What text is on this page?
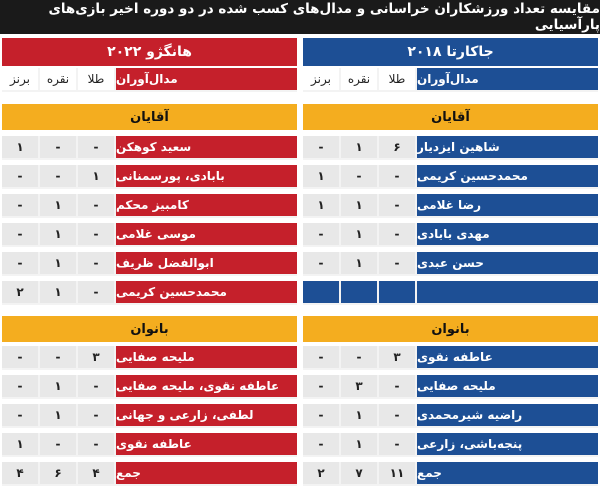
مقایسه تعداد ورزشکاران خراسانی و مدال‌های کسب شده در دو دوره اخیر بازی‌های پارآسیایی
هانگژو ۲۰۲۲
برنز	نقره	طلا مدال‌آوران
آقایان
۱	-	-	سعید کوهکن
-	-	۱	بابادی، پورسمنانی
-	۱	-	کامبیز محکم
-	۱	-	موسی غلامی
-	۱	-	ابوالفضل ظریف
۲	۱	-	محمدحسین کریمی
بانوان
-	-	۳	ملیحه صفایی
-	۱	-	عاطفه نقوی، ملیحه صفایی
-	۱	-	لطفی، زارعی و جهانی
۱	-	-	عاطفه نقوی
۴	۶	۴	جمع
جاکارتا ۲۰۱۸
برنز	نقره	طلا مدال‌آوران
آقایان
-	۱	۶	شاهین ایزدیار
۱	-	-	محمدحسین کریمی
۱	۱	-	رضا غلامی
-	۱	-	مهدی بابادی
-	۱	-	حسن عبدی
بانوان
-	-	۳	عاطفه نقوی
-	۳	-	ملیحه صفایی
-	۱	-	راضیه شیرمحمدی
-	۱	-	پنجه‌باشی، زارعی
۲	۷	۱۱	جمع
